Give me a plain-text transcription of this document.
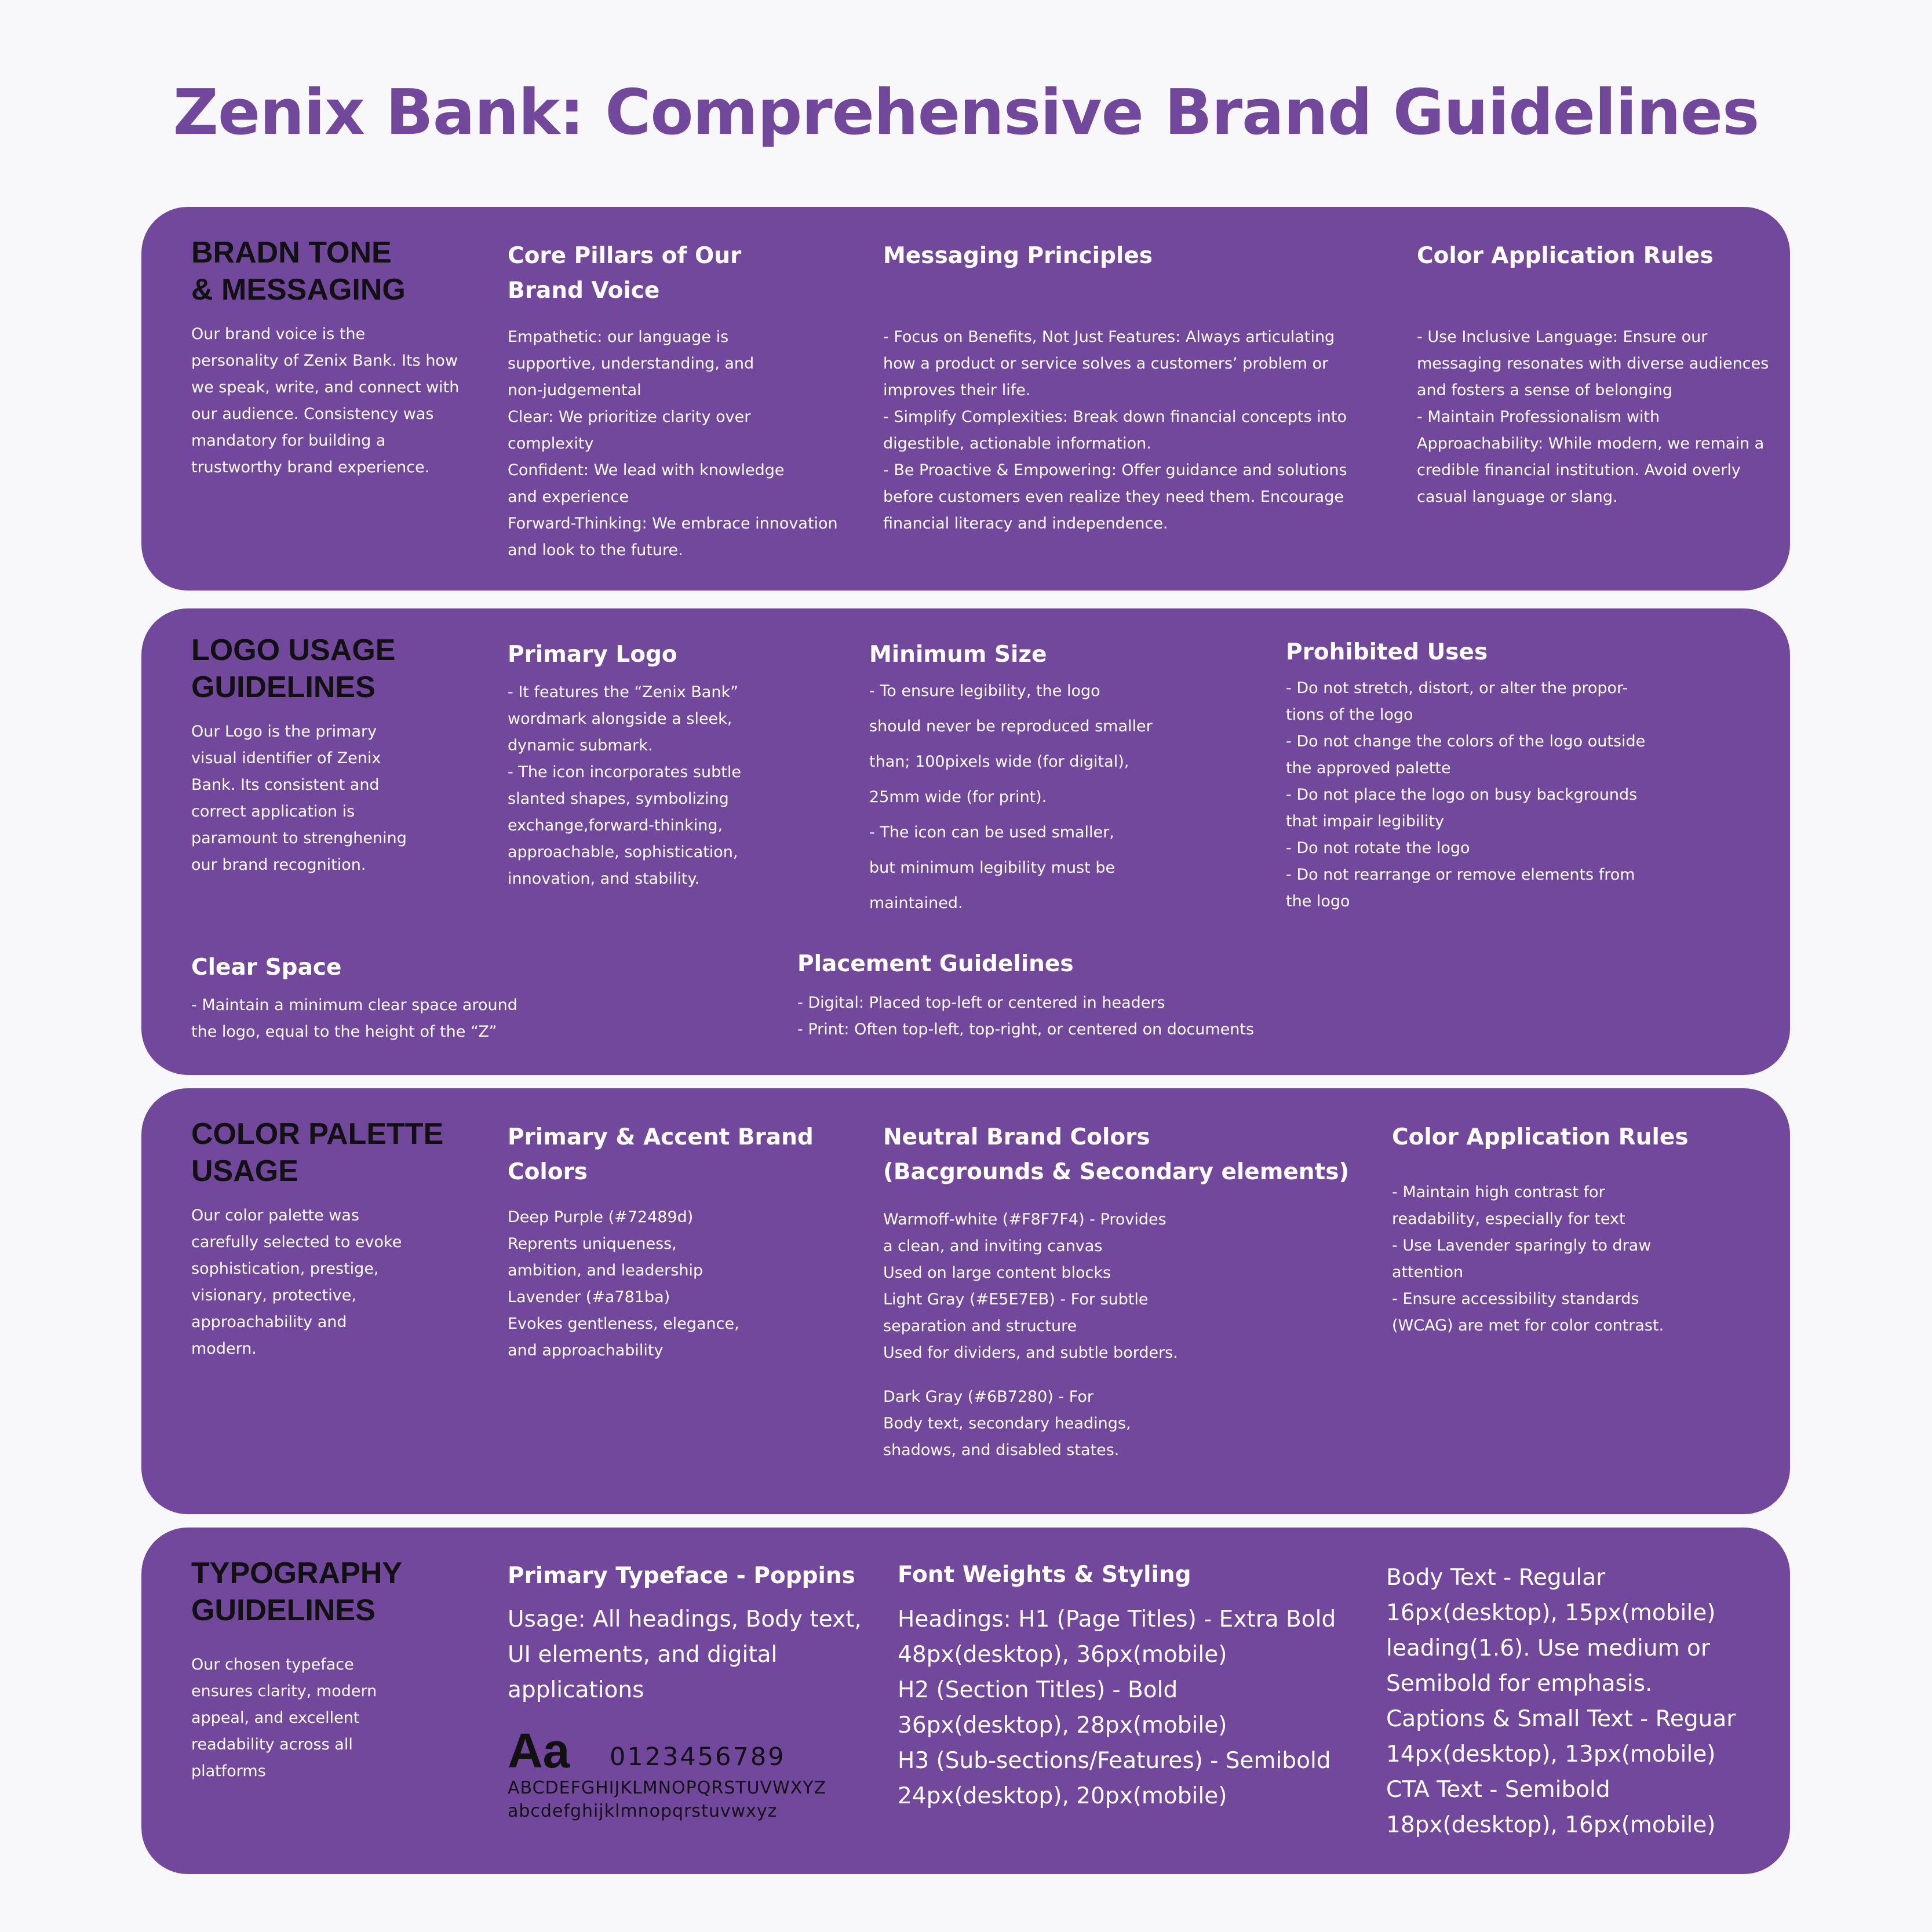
Zenix Bank: Comprehensive Brand Guidelines
BRADN TONE
& MESSAGING
Our brand voice is the
personality of Zenix Bank. Its how
we speak, write, and connect with
our audience. Consistency was
mandatory for building a
trustworthy brand experience.
Core Pillars of Our
Brand Voice
Empathetic: our language is
supportive, understanding, and
non-judgemental
Clear: We prioritize clarity over
complexity
Confident: We lead with knowledge
and experience
Forward-Thinking: We embrace innovation
and look to the future.
Messaging Principles
- Focus on Benefits, Not Just Features: Always articulating
how a product or service solves a customers’ problem or
improves their life.
- Simplify Complexities: Break down financial concepts into
digestible, actionable information.
- Be Proactive & Empowering: Offer guidance and solutions
before customers even realize they need them. Encourage
financial literacy and independence.
Color Application Rules
- Use Inclusive Language: Ensure our
messaging resonates with diverse audiences
and fosters a sense of belonging
- Maintain Professionalism with
Approachability: While modern, we remain a
credible financial institution. Avoid overly
casual language or slang.
LOGO USAGE
GUIDELINES
Our Logo is the primary
visual identifier of Zenix
Bank. Its consistent and
correct application is
paramount to strenghening
our brand recognition.
Primary Logo
- It features the “Zenix Bank”
wordmark alongside a sleek,
dynamic submark.
- The icon incorporates subtle
slanted shapes, symbolizing
exchange,forward-thinking,
approachable, sophistication,
innovation, and stability.
Minimum Size
- To ensure legibility, the logo
should never be reproduced smaller
than; 100pixels wide (for digital),
25mm wide (for print).
- The icon can be used smaller,
but minimum legibility must be
maintained.
Prohibited Uses
- Do not stretch, distort, or alter the propor-
tions of the logo
- Do not change the colors of the logo outside
the approved palette
- Do not place the logo on busy backgrounds
that impair legibility
- Do not rotate the logo
- Do not rearrange or remove elements from
the logo
Clear Space
- Maintain a minimum clear space around
the logo, equal to the height of the “Z”
Placement Guidelines
- Digital: Placed top-left or centered in headers
- Print: Often top-left, top-right, or centered on documents
COLOR PALETTE
USAGE
Our color palette was
carefully selected to evoke
sophistication, prestige,
visionary, protective,
approachability and
modern.
Primary & Accent Brand
Colors
Deep Purple (#72489d)
Reprents uniqueness,
ambition, and leadership
Lavender (#a781ba)
Evokes gentleness, elegance,
and approachability
Neutral Brand Colors
(Bacgrounds & Secondary elements)
Warmoff-white (#F8F7F4) - Provides
a clean, and inviting canvas
Used on large content blocks
Light Gray (#E5E7EB) - For subtle
separation and structure
Used for dividers, and subtle borders.
Dark Gray (#6B7280) - For
Body text, secondary headings,
shadows, and disabled states.
Color Application Rules
- Maintain high contrast for
readability, especially for text
- Use Lavender sparingly to draw
attention
- Ensure accessibility standards
(WCAG) are met for color contrast.
TYPOGRAPHY
GUIDELINES
Our chosen typeface
ensures clarity, modern
appeal, and excellent
readability across all
platforms
Primary Typeface - Poppins
Usage: All headings, Body text,
UI elements, and digital
applications
Aa 0123456789
ABCDEFGHIJKLMNOPQRSTUVWXYZ
abcdefghijklmnopqrstuvwxyz
Font Weights & Styling
Headings: H1 (Page Titles) - Extra Bold
48px(desktop), 36px(mobile)
H2 (Section Titles) - Bold
36px(desktop), 28px(mobile)
H3 (Sub-sections/Features) - Semibold
24px(desktop), 20px(mobile)
Body Text - Regular
16px(desktop), 15px(mobile)
leading(1.6). Use medium or
Semibold for emphasis.
Captions & Small Text - Reguar
14px(desktop), 13px(mobile)
CTA Text - Semibold
18px(desktop), 16px(mobile)
